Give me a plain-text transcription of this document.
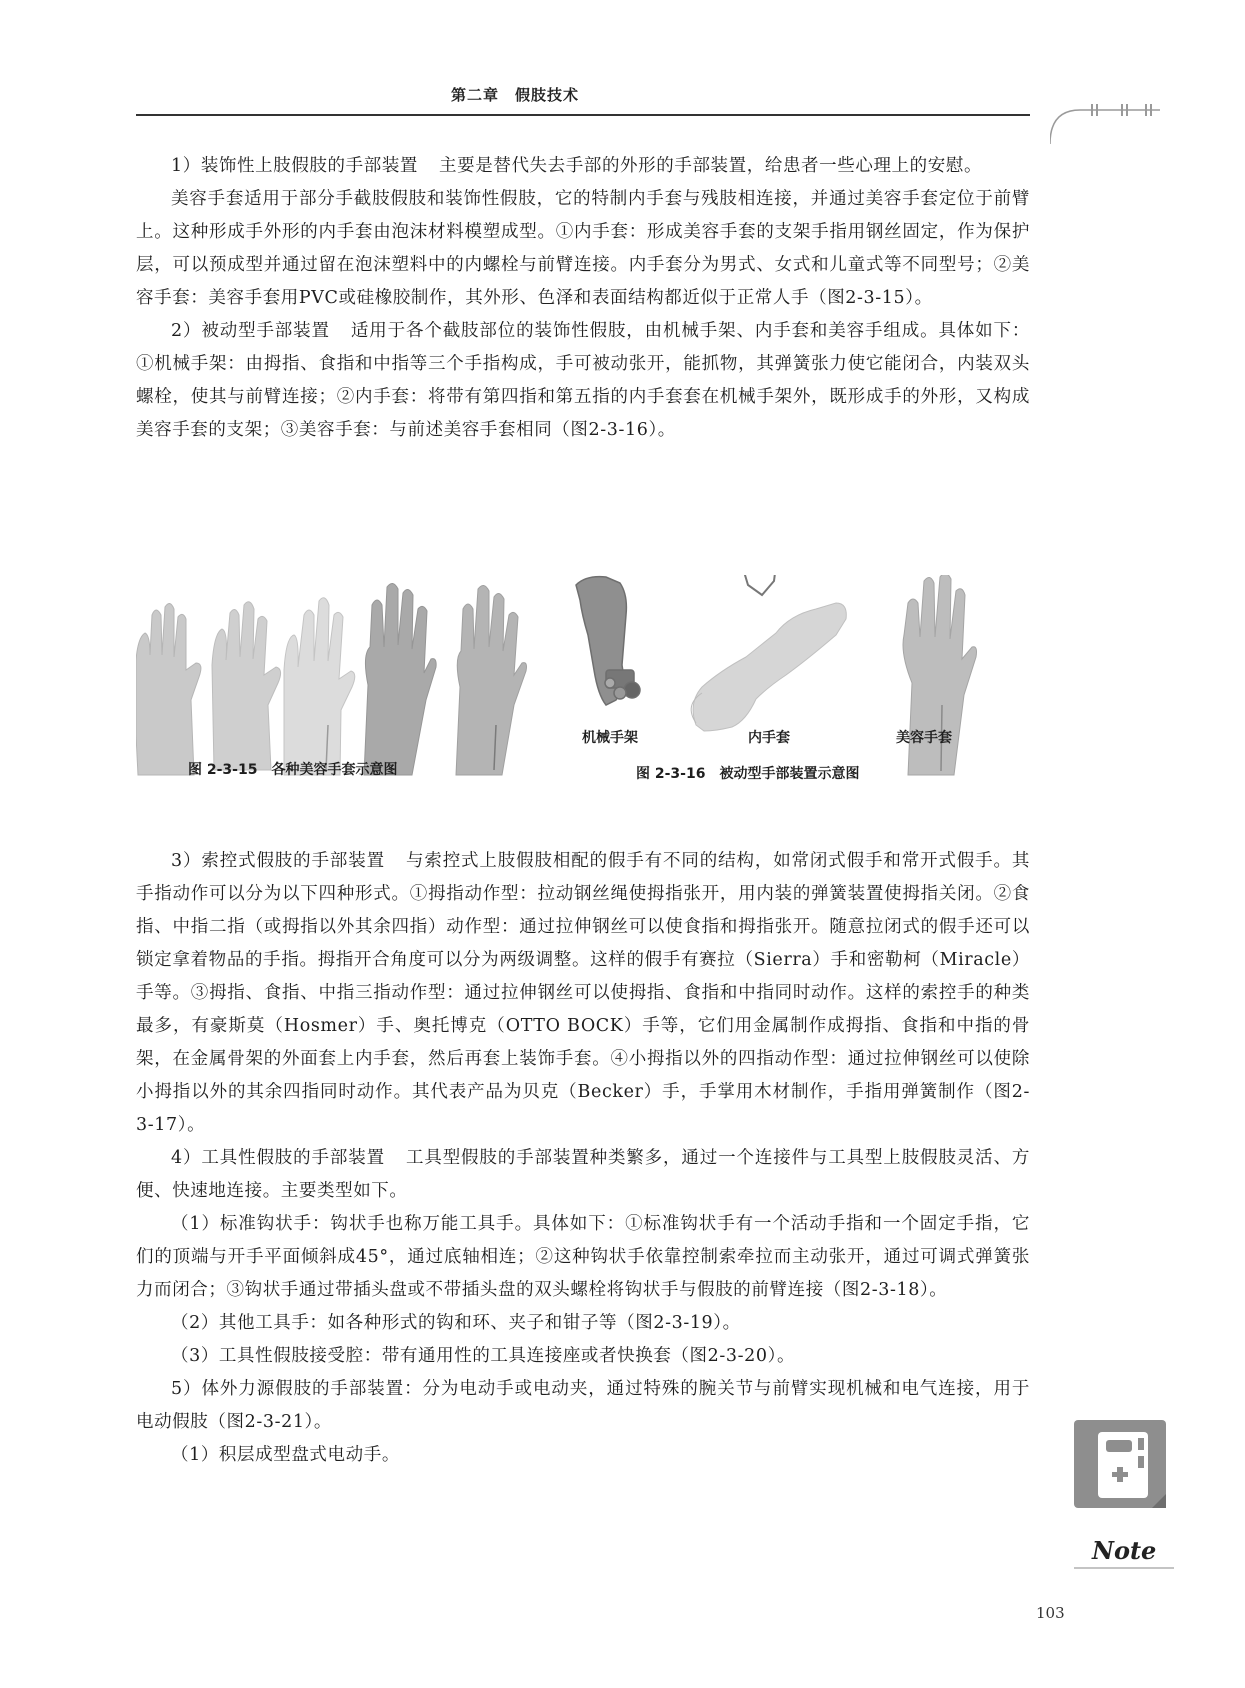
第二章　假肢技术

1）装饰性上肢假肢的手部装置 主要是替代失去手部的外形的手部装置，给患者一些心理上的安慰。

美容手套适用于部分手截肢假肢和装饰性假肢，它的特制内手套与残肢相连接，并通过美容手套定位于前臂上。这种形成手外形的内手套由泡沫材料模塑成型。①内手套：形成美容手套的支架手指用钢丝固定，作为保护层，可以预成型并通过留在泡沫塑料中的内螺栓与前臂连接。内手套分为男式、女式和儿童式等不同型号；②美容手套：美容手套用PVC或硅橡胶制作，其外形、色泽和表面结构都近似于正常人手（图2-3-15）。

2）被动型手部装置 适用于各个截肢部位的装饰性假肢，由机械手架、内手套和美容手组成。具体如下：①机械手架：由拇指、食指和中指等三个手指构成，手可被动张开，能抓物，其弹簧张力使它能闭合，内装双头螺栓，使其与前臂连接；②内手套：将带有第四指和第五指的内手套套在机械手架外，既形成手的外形，又构成美容手套的支架；③美容手套：与前述美容手套相同（图2-3-16）。

机械手架	内手套	美容手套
图 2-3-15　各种美容手套示意图	图 2-3-16　被动型手部装置示意图

3）索控式假肢的手部装置 与索控式上肢假肢相配的假手有不同的结构，如常闭式假手和常开式假手。其手指动作可以分为以下四种形式。①拇指动作型：拉动钢丝绳使拇指张开，用内装的弹簧装置使拇指关闭。②食指、中指二指（或拇指以外其余四指）动作型：通过拉伸钢丝可以使食指和拇指张开。随意拉闭式的假手还可以锁定拿着物品的手指。拇指开合角度可以分为两级调整。这样的假手有赛拉（Sierra）手和密勒柯（Miracle）手等。③拇指、食指、中指三指动作型：通过拉伸钢丝可以使拇指、食指和中指同时动作。这样的索控手的种类最多，有豪斯莫（Hosmer）手、奥托博克（OTTO BOCK）手等，它们用金属制作成拇指、食指和中指的骨架，在金属骨架的外面套上内手套，然后再套上装饰手套。④小拇指以外的四指动作型：通过拉伸钢丝可以使除小拇指以外的其余四指同时动作。其代表产品为贝克（Becker）手，手掌用木材制作，手指用弹簧制作（图2-3-17）。

4）工具性假肢的手部装置 工具型假肢的手部装置种类繁多，通过一个连接件与工具型上肢假肢灵活、方便、快速地连接。主要类型如下。

（1）标准钩状手：钩状手也称万能工具手。具体如下：①标准钩状手有一个活动手指和一个固定手指，它们的顶端与开手平面倾斜成45°，通过底轴相连；②这种钩状手依靠控制索牵拉而主动张开，通过可调式弹簧张力而闭合；③钩状手通过带插头盘或不带插头盘的双头螺栓将钩状手与假肢的前臂连接（图2-3-18）。

（2）其他工具手：如各种形式的钩和环、夹子和钳子等（图2-3-19）。

（3）工具性假肢接受腔：带有通用性的工具连接座或者快换套（图2-3-20）。

5）体外力源假肢的手部装置：分为电动手或电动夹，通过特殊的腕关节与前臂实现机械和电气连接，用于电动假肢（图2-3-21）。

（1）积层成型盘式电动手。

Note
103
